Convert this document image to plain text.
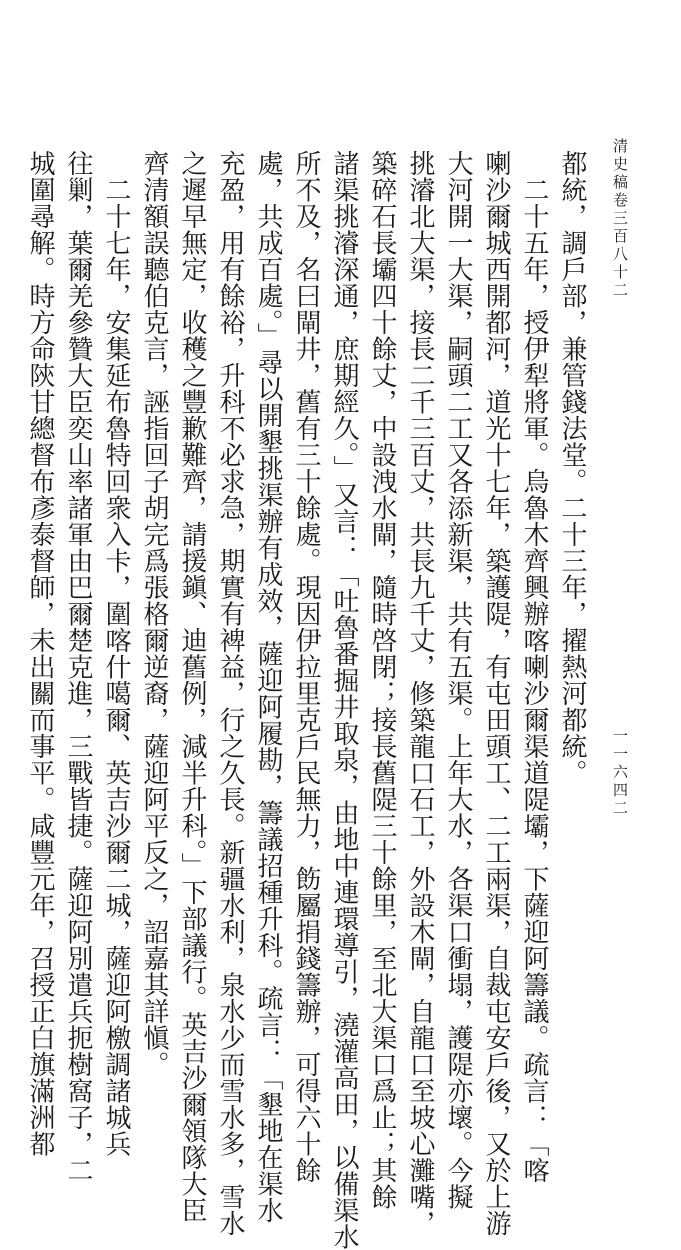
清史稿卷三百八十二
一一六四二
都統，調戶部，兼管錢法堂。二十三年，擢熱河都統。
　二十五年，授伊犁將軍。烏魯木齊興辦喀喇沙爾渠道隄壩，下薩迎阿籌議。疏言：「喀
喇沙爾城西開都河，道光十七年，築護隄，有屯田頭工、二工兩渠，自裁屯安戶後，又於上游
大河開一大渠，嗣頭二工又各添新渠，共有五渠。上年大水，各渠口衝塌，護隄亦壞。今擬
挑濬北大渠，接長二千三百丈，共長九千丈，修築龍口石工，外設木閘，自龍口至坡心灘嘴，
築碎石長壩四十餘丈，中設洩水閘，隨時啓閉；接長舊隄三十餘里，至北大渠口爲止；其餘
諸渠挑濬深通，庶期經久。」又言：「吐魯番掘井取泉，由地中連環導引，澆灌高田，以備渠水
所不及，名曰閘井，舊有三十餘處。現因伊拉里克戶民無力，飭屬捐錢籌辦，可得六十餘
處，共成百處。」尋以開墾挑渠辦有成效，薩迎阿履勘，籌議招種升科。疏言：「墾地在渠水
充盈，用有餘裕，升科不必求急，期實有裨益，行之久長。新疆水利，泉水少而雪水多，雪水
之遲早無定，收穫之豐歉難齊，請援鎭、迪舊例，減半升科。」下部議行。英吉沙爾領隊大臣
齊清額誤聽伯克言，誣指回子胡完爲張格爾逆裔，薩迎阿平反之，詔嘉其詳愼。
　二十七年，安集延布魯特回衆入卡，圍喀什噶爾、英吉沙爾二城，薩迎阿檄調諸城兵
往剿，葉爾羌參贊大臣奕山率諸軍由巴爾楚克進，三戰皆捷。薩迎阿別遣兵扼樹窩子，二
城圍尋解。時方命陝甘總督布彥泰督師，未出關而事平。咸豐元年，召授正白旗滿洲都
